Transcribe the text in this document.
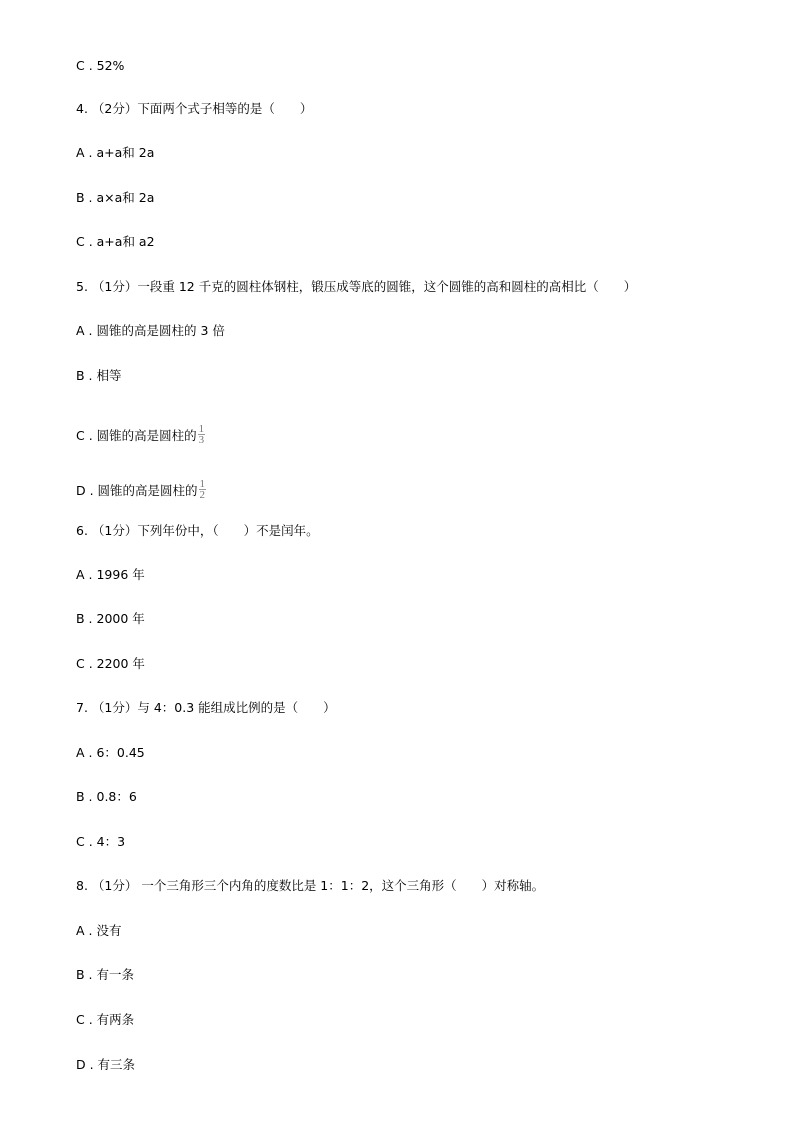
C . 52%
4. （2分）下面两个式子相等的是（　　）
A . a+a和 2a
B . a×a和 2a
C . a+a和 a2
5. （1分）一段重 12 千克的圆柱体钢柱，锻压成等底的圆锥，这个圆锥的高和圆柱的高相比（　　）
A . 圆锥的高是圆柱的 3 倍
B . 相等
C . 圆锥的高是圆柱的 $\frac{1}{3}$
D . 圆锥的高是圆柱的 $\frac{1}{2}$
6. （1分）下列年份中，（　　）不是闰年。
A . 1996 年
B . 2000 年
C . 2200 年
7. （1分）与 4：0.3 能组成比例的是（　　）
A . 6：0.45
B . 0.8：6
C . 4：3
8. （1分） 一个三角形三个内角的度数比是 1：1：2，这个三角形（　　）对称轴。
A . 没有
B . 有一条
C . 有两条
D . 有三条
